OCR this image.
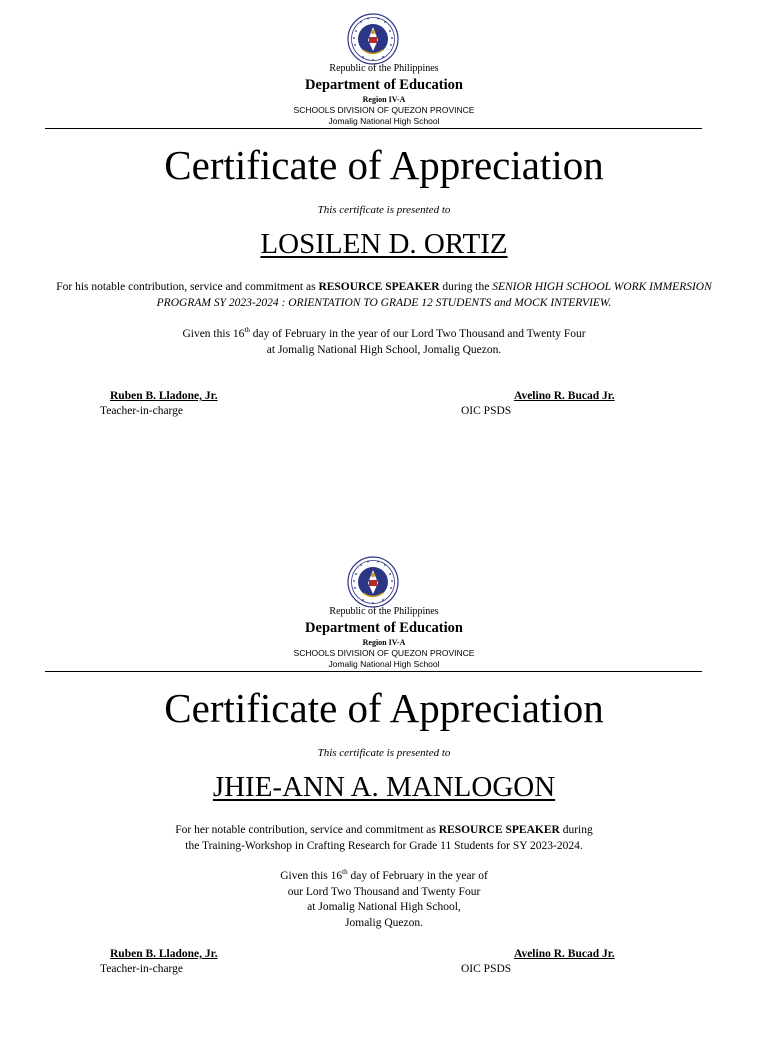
Republic of the Philippines
Department of Education
Region IV-A
SCHOOLS DIVISION OF QUEZON PROVINCE
Jomalig National High School
Certificate of Appreciation
This certificate is presented to
LOSILEN D. ORTIZ
For his notable contribution, service and commitment as RESOURCE SPEAKER during the SENIOR HIGH SCHOOL WORK IMMERSION PROGRAM SY 2023-2024 : ORIENTATION TO GRADE 12 STUDENTS and MOCK INTERVIEW.
Given this 16th day of February in the year of our Lord Two Thousand and Twenty Four
at Jomalig National High School, Jomalig Quezon.
Ruben B. Lladone, Jr.
Teacher-in-charge
Avelino R. Bucad Jr.
OIC PSDS
Republic of the Philippines
Department of Education
Region IV-A
SCHOOLS DIVISION OF QUEZON PROVINCE
Jomalig National High School
Certificate of Appreciation
This certificate is presented to
JHIE-ANN A. MANLOGON
For her notable contribution, service and commitment as RESOURCE SPEAKER during
the Training-Workshop in Crafting Research for Grade 11 Students for SY 2023-2024.
Given this 16th day of February in the year of
our Lord Two Thousand and Twenty Four
at Jomalig National High School,
Jomalig Quezon.
Ruben B. Lladone, Jr.
Teacher-in-charge
Avelino R. Bucad Jr.
OIC PSDS
